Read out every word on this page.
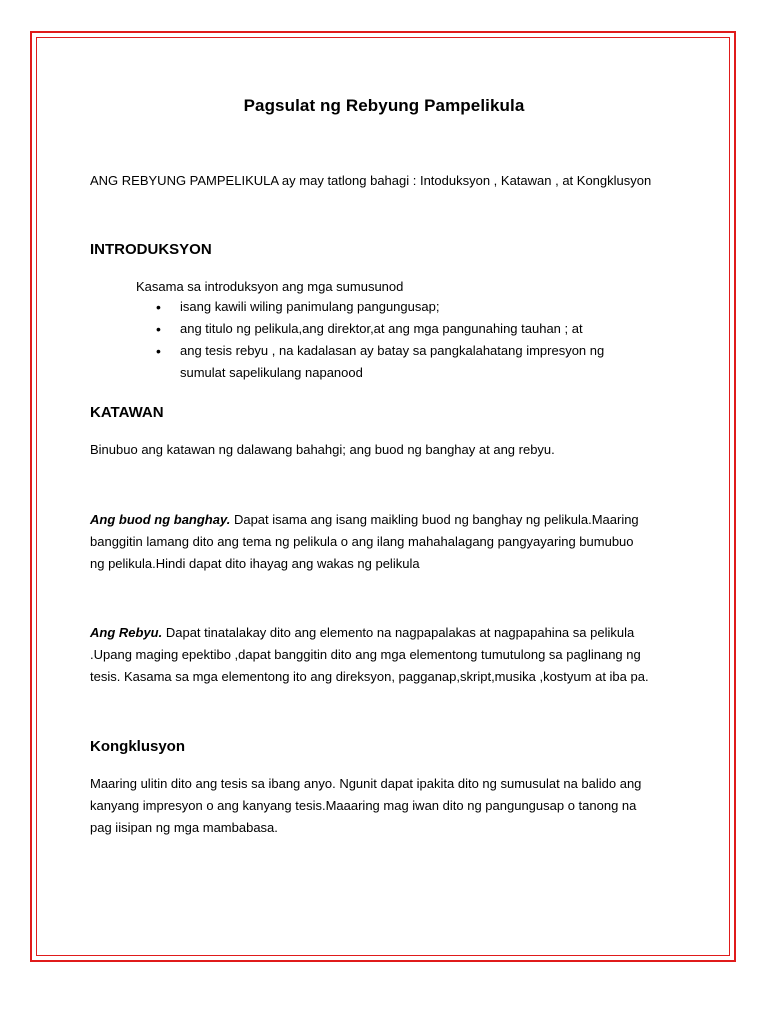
Pagsulat ng Rebyung Pampelikula
ANG REBYUNG PAMPELIKULA ay may tatlong bahagi : Intoduksyon , Katawan , at Kongklusyon
INTRODUKSYON
Kasama sa introduksyon ang mga sumusunod
• isang kawili wiling panimulang pangungusap;
• ang titulo ng pelikula,ang direktor,at ang mga pangunahing tauhan ; at
• ang tesis rebyu , na kadalasan ay batay sa pangkalahatang impresyon ng
sumulat sapelikulang napanood
KATAWAN
Binubuo ang katawan ng dalawang bahahgi; ang buod ng banghay at ang rebyu.
Ang buod ng banghay. Dapat isama ang isang maikling buod ng banghay ng pelikula.Maaring
banggitin lamang dito ang tema ng pelikula o ang ilang mahahalagang pangyayaring bumubuo
ng pelikula.Hindi dapat dito ihayag ang wakas ng pelikula
Ang Rebyu. Dapat tinatalakay dito ang elemento na nagpapalakas at nagpapahina sa pelikula
.Upang maging epektibo ,dapat banggitin dito ang mga elementong tumutulong sa paglinang ng
tesis. Kasama sa mga elementong ito ang direksyon, pagganap,skript,musika ,kostyum at iba pa.
Kongklusyon
Maaring ulitin dito ang tesis sa ibang anyo. Ngunit dapat ipakita dito ng sumusulat na balido ang
kanyang impresyon o ang kanyang tesis.Maaaring mag iwan dito ng pangungusap o tanong na
pag iisipan ng mga mambabasa.
